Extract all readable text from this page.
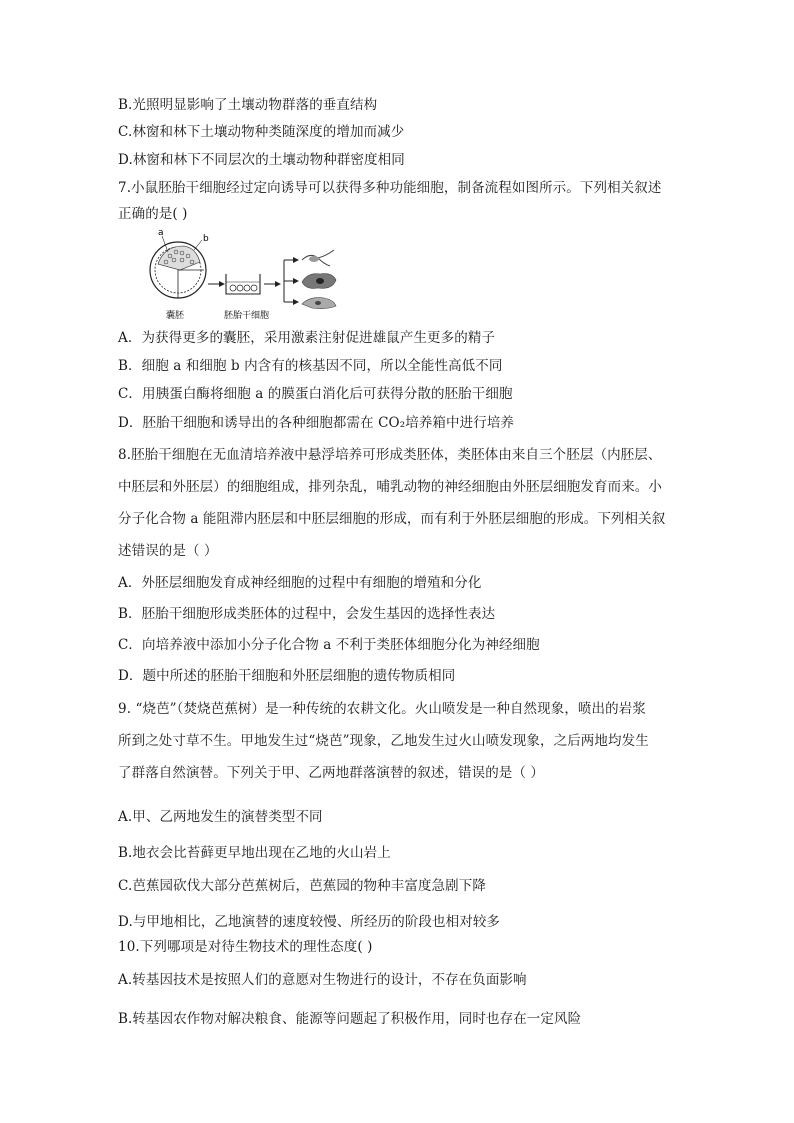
B.光照明显影响了土壤动物群落的垂直结构
C.林窗和林下土壤动物种类随深度的增加而减少
D.林窗和林下不同层次的土壤动物种群密度相同
7.小鼠胚胎干细胞经过定向诱导可以获得多种功能细胞，制备流程如图所示。下列相关叙述
正确的是( )
a
b
囊胚	胚胎干细胞
A．为获得更多的囊胚，采用激素注射促进雄鼠产生更多的精子
B．细胞 a 和细胞 b 内含有的核基因不同，所以全能性高低不同
C．用胰蛋白酶将细胞 a 的膜蛋白消化后可获得分散的胚胎干细胞
D．胚胎干细胞和诱导出的各种细胞都需在 CO₂培养箱中进行培养
8.胚胎干细胞在无血清培养液中悬浮培养可形成类胚体，类胚体由来自三个胚层（内胚层、
中胚层和外胚层）的细胞组成，排列杂乱，哺乳动物的神经细胞由外胚层细胞发育而来。小
分子化合物 a 能阻滞内胚层和中胚层细胞的形成，而有利于外胚层细胞的形成。下列相关叙
述错误的是（ ）
A．外胚层细胞发育成神经细胞的过程中有细胞的增殖和分化
B．胚胎干细胞形成类胚体的过程中，会发生基因的选择性表达
C．向培养液中添加小分子化合物 a 不利于类胚体细胞分化为神经细胞
D．题中所述的胚胎干细胞和外胚层细胞的遗传物质相同
9. “烧芭”（焚烧芭蕉树）是一种传统的农耕文化。火山喷发是一种自然现象，喷出的岩浆
所到之处寸草不生。甲地发生过“烧芭”现象，乙地发生过火山喷发现象，之后两地均发生
了群落自然演替。下列关于甲、乙两地群落演替的叙述，错误的是（ ）
A.甲、乙两地发生的演替类型不同
B.地衣会比苔藓更早地出现在乙地的火山岩上
C.芭蕉园砍伐大部分芭蕉树后，芭蕉园的物种丰富度急剧下降
D.与甲地相比，乙地演替的速度较慢、所经历的阶段也相对较多
10.下列哪项是对待生物技术的理性态度( )
A.转基因技术是按照人们的意愿对生物进行的设计，不存在负面影响
B.转基因农作物对解决粮食、能源等问题起了积极作用，同时也存在一定风险
